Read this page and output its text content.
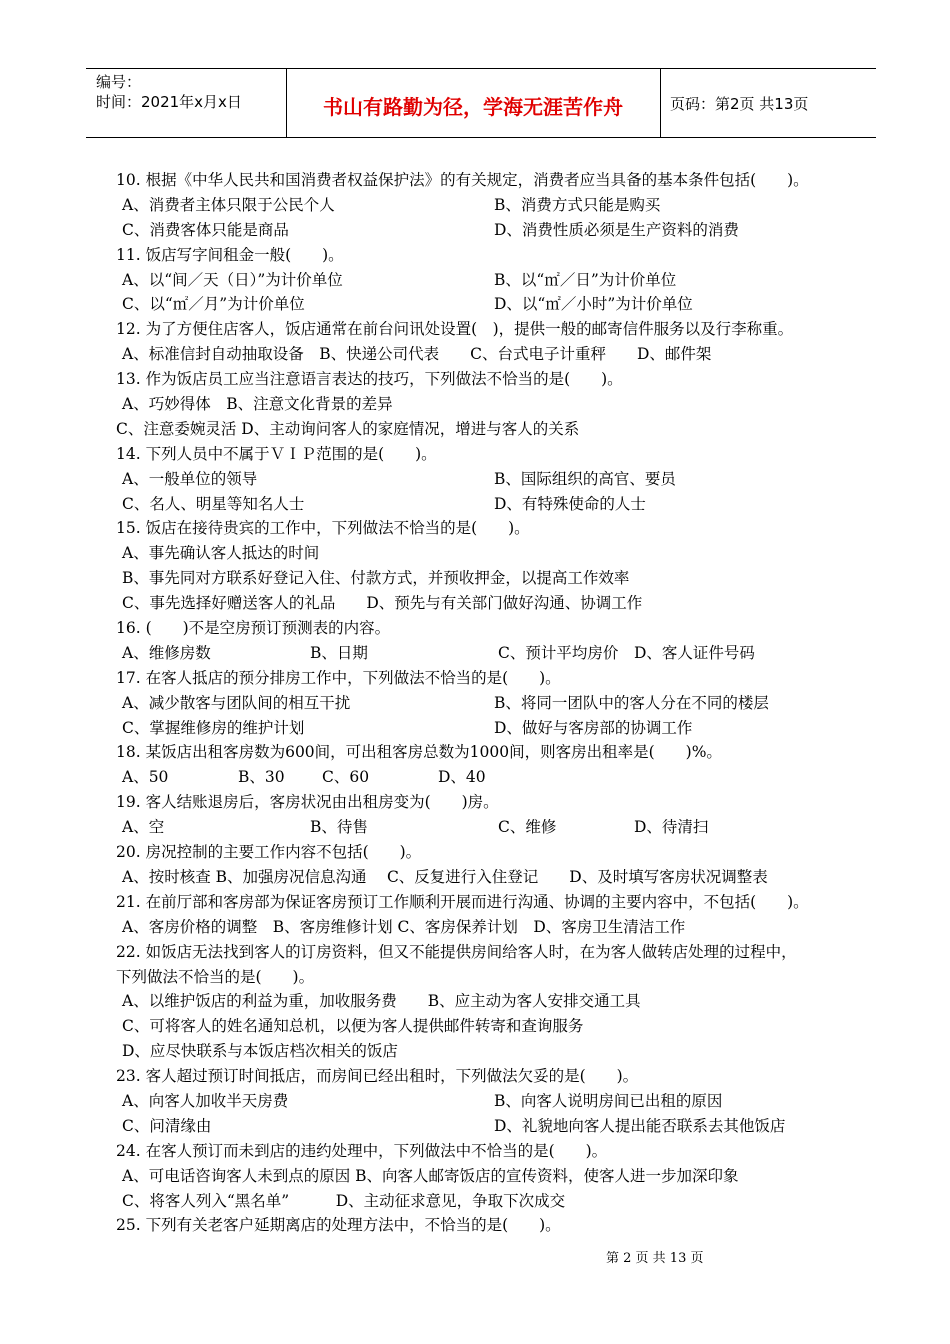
编号：
时间：2021年x月x日	书山有路勤为径，学海无涯苦作舟	页码：第2页 共13页
10. 根据《中华人民共和国消费者权益保护法》的有关规定，消费者应当具备的基本条件包括(　　)。
A、消费者主体只限于公民个人	B、消费方式只能是购买
C、消费客体只能是商品	D、消费性质必须是生产资料的消费
11. 饭店写字间租金一般(　　)。
A、以“间／天（日）”为计价单位	B、以“㎡／日”为计价单位
C、以“㎡／月”为计价单位	D、以“㎡／小时”为计价单位
12. 为了方便住店客人，饭店通常在前台问讯处设置(　)，提供一般的邮寄信件服务以及行李称重。
A、标准信封自动抽取设备　B、快递公司代表　　C、台式电子计重秤　　D、邮件架
13. 作为饭店员工应当注意语言表达的技巧，下列做法不恰当的是(　　)。
A、巧妙得体　B、注意文化背景的差异
C、注意委婉灵活 D、主动询问客人的家庭情况，增进与客人的关系
14. 下列人员中不属于ＶＩＰ范围的是(　　)。
A、一般单位的领导	B、国际组织的高官、要员
C、名人、明星等知名人士	D、有特殊使命的人士
15. 饭店在接待贵宾的工作中，下列做法不恰当的是(　　)。
A、事先确认客人抵达的时间
B、事先同对方联系好登记入住、付款方式，并预收押金，以提高工作效率
C、事先选择好赠送客人的礼品　　D、预先与有关部门做好沟通、协调工作
16. (　　)不是空房预订预测表的内容。
A、维修房数	B、日期	C、预计平均房价 D、客人证件号码
17. 在客人抵店的预分排房工作中，下列做法不恰当的是(　　)。
A、减少散客与团队间的相互干扰	B、将同一团队中的客人分在不同的楼层
C、掌握维修房的维护计划	D、做好与客房部的协调工作
18. 某饭店出租客房数为600间，可出租客房总数为1000间，则客房出租率是(　　)%。
A、50	B、30 C、60	D、40
19. 客人结账退房后，客房状况由出租房变为(　　)房。
A、空	B、待售	C、维修	D、待清扫
20. 房况控制的主要工作内容不包括(　　)。
A、按时核查 B、加强房况信息沟通　 C、反复进行入住登记　　D、及时填写客房状况调整表
21. 在前厅部和客房部为保证客房预订工作顺利开展而进行沟通、协调的主要内容中，不包括(　　)。
A、客房价格的调整　B、客房维修计划 C、客房保养计划　D、客房卫生清洁工作
22. 如饭店无法找到客人的订房资料，但又不能提供房间给客人时，在为客人做转店处理的过程中，
下列做法不恰当的是(　　)。
A、以维护饭店的利益为重，加收服务费　　B、应主动为客人安排交通工具
C、可将客人的姓名通知总机，以便为客人提供邮件转寄和查询服务
D、应尽快联系与本饭店档次相关的饭店
23. 客人超过预订时间抵店，而房间已经出租时，下列做法欠妥的是(　　)。
A、向客人加收半天房费	B、向客人说明房间已出租的原因
C、问清缘由	D、礼貌地向客人提出能否联系去其他饭店
24. 在客人预订而未到店的违约处理中，下列做法中不恰当的是(　　)。
A、可电话咨询客人未到点的原因 B、向客人邮寄饭店的宣传资料，使客人进一步加深印象
C、将客人列入“黑名单”　　　D、主动征求意见，争取下次成交
25. 下列有关老客户延期离店的处理方法中，不恰当的是(　　)。
第 2 页 共 13 页
